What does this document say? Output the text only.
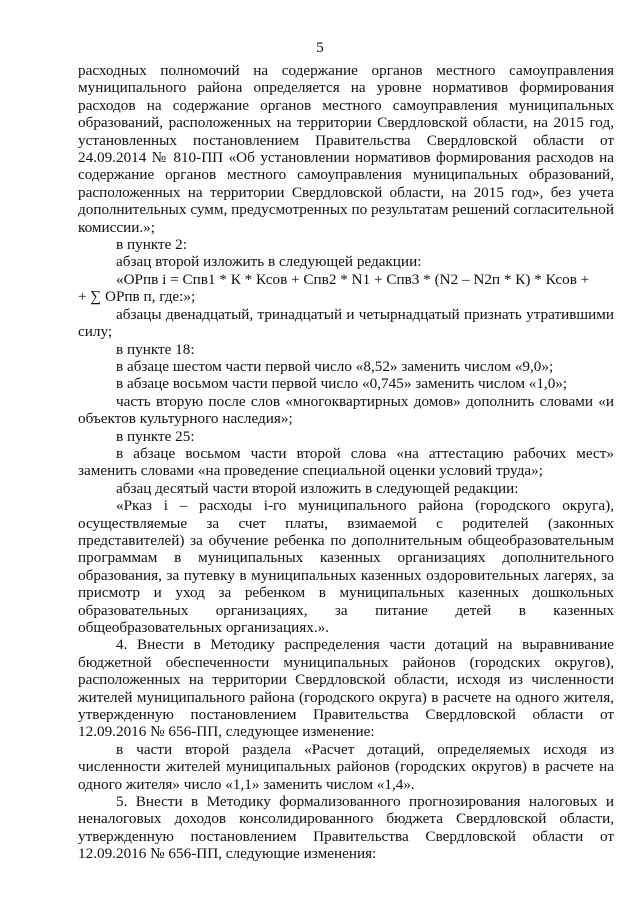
5

расходных полномочий на содержание органов местного самоуправления муниципального района определяется на уровне нормативов формирования расходов на содержание органов местного самоуправления муниципальных образований, расположенных на территории Свердловской области, на 2015 год, установленных постановлением Правительства Свердловской области от 24.09.2014 № 810-ПП «Об установлении нормативов формирования расходов на содержание органов местного самоуправления муниципальных образований, расположенных на территории Свердловской области, на 2015 год», без учета дополнительных сумм, предусмотренных по результатам решений согласительной комиссии.»;

в пункте 2:

абзац второй изложить в следующей редакции:

«ОРпв i = Спв1 * К * Ксов + Спв2 * N1 + Спв3 * (N2 – N2п * К) * Ксов +

+ ∑ ОРпв п, где:»;

абзацы двенадцатый, тринадцатый и четырнадцатый признать утратившими силу;

в пункте 18:

в абзаце шестом части первой число «8,52» заменить числом «9,0»;

в абзаце восьмом части первой число «0,745» заменить числом «1,0»;

часть вторую после слов «многоквартирных домов» дополнить словами «и объектов культурного наследия»;

в пункте 25:

в абзаце восьмом части второй слова «на аттестацию рабочих мест» заменить словами «на проведение специальной оценки условий труда»;

абзац десятый части второй изложить в следующей редакции:

«Рказ i – расходы i-го муниципального района (городского округа), осуществляемые за счет платы, взимаемой с родителей (законных представителей) за обучение ребенка по дополнительным общеобразовательным программам в муниципальных казенных организациях дополнительного образования, за путевку в муниципальных казенных оздоровительных лагерях, за присмотр и уход за ребенком в муниципальных казенных дошкольных образовательных организациях, за питание детей в казенных общеобразовательных организациях.».

4. Внести в Методику распределения части дотаций на выравнивание бюджетной обеспеченности муниципальных районов (городских округов), расположенных на территории Свердловской области, исходя из численности жителей муниципального района (городского округа) в расчете на одного жителя, утвержденную постановлением Правительства Свердловской области от 12.09.2016 № 656-ПП, следующее изменение:

в части второй раздела «Расчет дотаций, определяемых исходя из численности жителей муниципальных районов (городских округов) в расчете на одного жителя» число «1,1» заменить числом «1,4».

5. Внести в Методику формализованного прогнозирования налоговых и неналоговых доходов консолидированного бюджета Свердловской области, утвержденную постановлением Правительства Свердловской области от 12.09.2016 № 656-ПП, следующие изменения:
